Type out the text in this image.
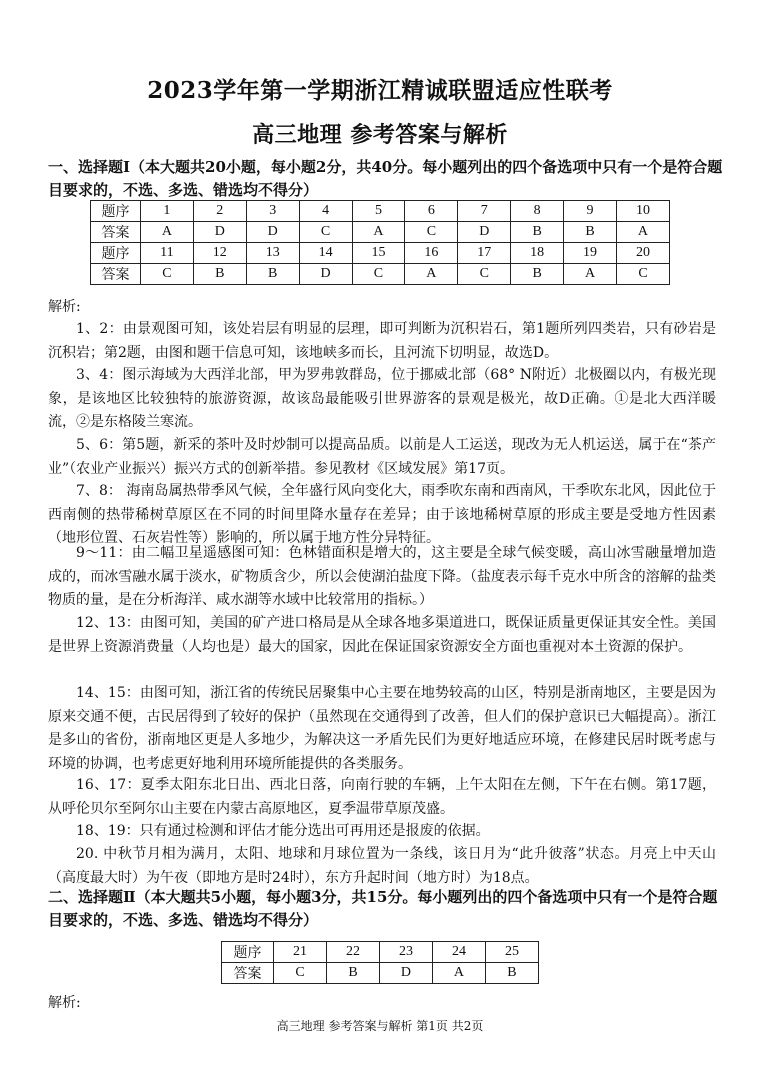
2023学年第一学期浙江精诚联盟适应性联考
高三地理 参考答案与解析
一、选择题Ⅰ（本大题共20小题，每小题2分，共40分。每小题列出的四个备选项中只有一个是符合题目要求的，不选、多选、错选均不得分）
题序	1	2	3	4	5	6	7	8	9	10
答案	A	D	D	C	A	C	D	B	B	A
题序	11	12	13	14	15	16	17	18	19	20
答案	C	B	B	D	C	A	C	B	A	C
解析:

1、2：由景观图可知，该处岩层有明显的层理，即可判断为沉积岩石，第1题所列四类岩，只有砂岩是沉积岩；第2题，由图和题干信息可知，该地峡多而长，且河流下切明显，故选D。

3、4：图示海域为大西洋北部，甲为罗弗敦群岛，位于挪威北部（68° N附近）北极圈以内，有极光现象，是该地区比较独特的旅游资源，故该岛最能吸引世界游客的景观是极光，故D正确。①是北大西洋暖流，②是东格陵兰寒流。

5、6：第5题，新采的茶叶及时炒制可以提高品质。以前是人工运送，现改为无人机运送，属于在“茶产业”（农业产业振兴）振兴方式的创新举措。参见教材《区域发展》第17页。

7、8： 海南岛属热带季风气候，全年盛行风向变化大，雨季吹东南和西南风，干季吹东北风，因此位于西南侧的热带稀树草原区在不同的时间里降水量存在差异；由于该地稀树草原的形成主要是受地方性因素（地形位置、石灰岩性等）影响的，所以属于地方性分异特征。

9～11：由二幅卫星遥感图可知：色林错面积是增大的，这主要是全球气候变暖，高山冰雪融量增加造成的，而冰雪融水属于淡水，矿物质含少，所以会使湖泊盐度下降。（盐度表示每千克水中所含的溶解的盐类物质的量，是在分析海洋、咸水湖等水域中比较常用的指标。）

12、13：由图可知，美国的矿产进口格局是从全球各地多渠道进口，既保证质量更保证其安全性。美国是世界上资源消费量（人均也是）最大的国家，因此在保证国家资源安全方面也重视对本土资源的保护。

14、15：由图可知，浙江省的传统民居聚集中心主要在地势较高的山区，特别是浙南地区，主要是因为原来交通不便，古民居得到了较好的保护（虽然现在交通得到了改善，但人们的保护意识已大幅提高）。浙江是多山的省份，浙南地区更是人多地少，为解决这一矛盾先民们为更好地适应环境，在修建民居时既考虑与环境的协调，也考虑更好地利用环境所能提供的各类服务。

16、17：夏季太阳东北日出、西北日落，向南行驶的车辆，上午太阳在左侧，下午在右侧。第17题，从呼伦贝尔至阿尔山主要在内蒙古高原地区，夏季温带草原茂盛。

18、19：只有通过检测和评估才能分选出可再用还是报废的依据。

20. 中秋节月相为满月，太阳、地球和月球位置为一条线，该日月为“此升彼落”状态。月亮上中天山（高度最大时）为午夜（即地方是时24时），东方升起时间（地方时）为18点。

二、选择题Ⅱ（本大题共5小题，每小题3分，共15分。每小题列出的四个备选项中只有一个是符合题目要求的，不选、多选、错选均不得分）
题序	21	22	23	24	25
答案	C	B	D	A	B
解析:
高三地理 参考答案与解析 第1页 共2页
